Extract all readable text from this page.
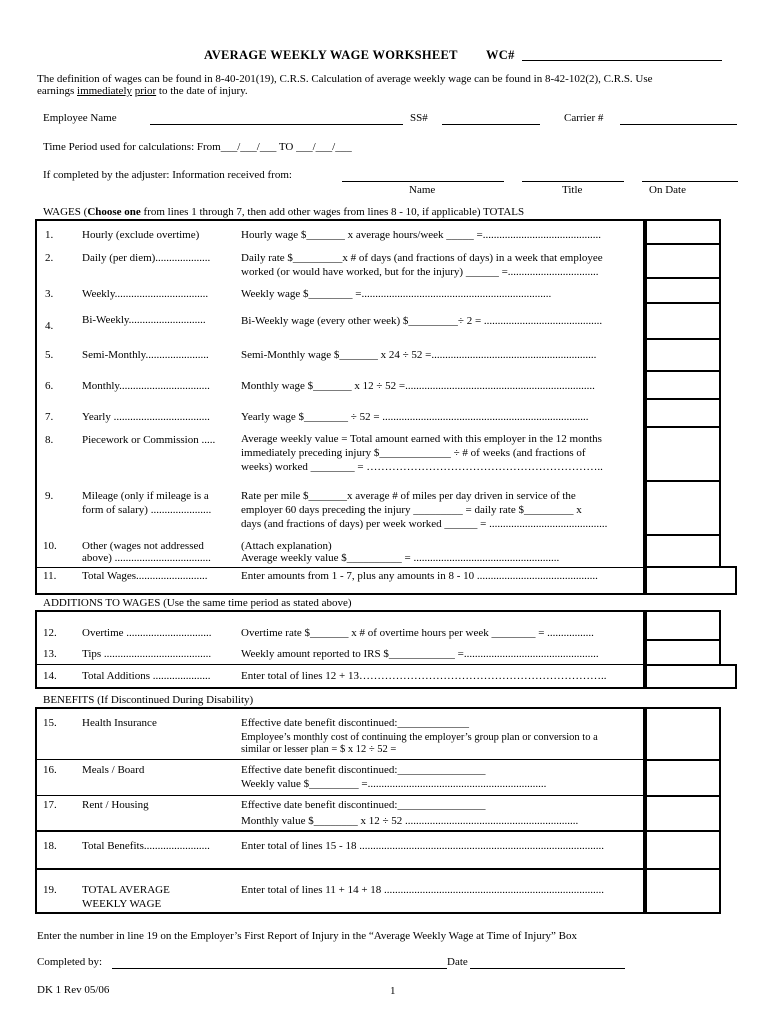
AVERAGE WEEKLY WAGE WORKSHEET WC#
The definition of wages can be found in 8-40-201(19), C.R.S. Calculation of average weekly wage can be found in 8-42-102(2), C.R.S. Use
earnings immediately prior to the date of injury.
Employee Name	SS#	Carrier #
Time Period used for calculations: From___/___/___ TO ___/___/___
If completed by the adjuster: Information received from:
Name	Title	On Date
WAGES (Choose one from lines 1 through 7, then add other wages from lines 8 - 10, if applicable) TOTALS
1.	Hourly (exclude overtime)	Hourly wage $_______ x average hours/week _____ =...........................................
2.	Daily (per diem)....................	Daily rate $_________x # of days (and fractions of days) in a week that employee
worked (or would have worked, but for the injury) ______ =.................................
3.	Weekly..................................	Weekly wage $________ =.....................................................................
4.	Bi-Weekly............................	Bi-Weekly wage (every other week) $_________÷ 2 = ...........................................
5.	Semi-Monthly.......................	Semi-Monthly wage $_______ x 24 ÷ 52 =............................................................
6.	Monthly.................................	Monthly wage $_______ x 12 ÷ 52 =.....................................................................
7.	Yearly ...................................	Yearly wage $________ ÷ 52 = ...........................................................................
8.	Piecework or Commission ..... Average weekly value = Total amount earned with this employer in the 12 months
immediately preceding injury $_____________ ÷ # of weeks (and fractions of
weeks) worked ________ = ………………………………………………………..
9.	Mileage (only if mileage is a
form of salary) ......................
Rate per mile $_______x average # of miles per day driven in service of the
employer 60 days preceding the injury _________ = daily rate $_________ x
days (and fractions of days) per week worked ______ = ...........................................
10. Other (wages not addressed
above) ...................................
(Attach explanation)
Average weekly value $__________ = .....................................................
11. Total Wages..........................	Enter amounts from 1 - 7, plus any amounts in 8 - 10 ............................................
ADDITIONS TO WAGES (Use the same time period as stated above)
12. Overtime ...............................	Overtime rate $_______ x # of overtime hours per week ________ = .................
13. Tips .......................................	Weekly amount reported to IRS $____________ =.................................................
14. Total Additions .....................	Enter total of lines 12 + 13…………………………………………………………..
BENEFITS (If Discontinued During Disability)
15. Health Insurance	Effective date benefit discontinued:_____________
Employee’s monthly cost of continuing the employer’s group plan or conversion to a
similar or lesser plan = $ x 12 ÷ 52 =
16. Meals / Board	Effective date benefit discontinued:________________
Weekly value $_________ =.................................................................
17. Rent / Housing	Effective date benefit discontinued:________________
Monthly value $________ x 12 ÷ 52 ...............................................................
18. Total Benefits........................	Enter total of lines 15 - 18 .........................................................................................
19. TOTAL AVERAGE
WEEKLY WAGE
Enter total of lines 11 + 14 + 18 ................................................................................
Enter the number in line 19 on the Employer’s First Report of Injury in the “Average Weekly Wage at Time of Injury” Box
Completed by:	Date
DK 1 Rev 05/06	1
